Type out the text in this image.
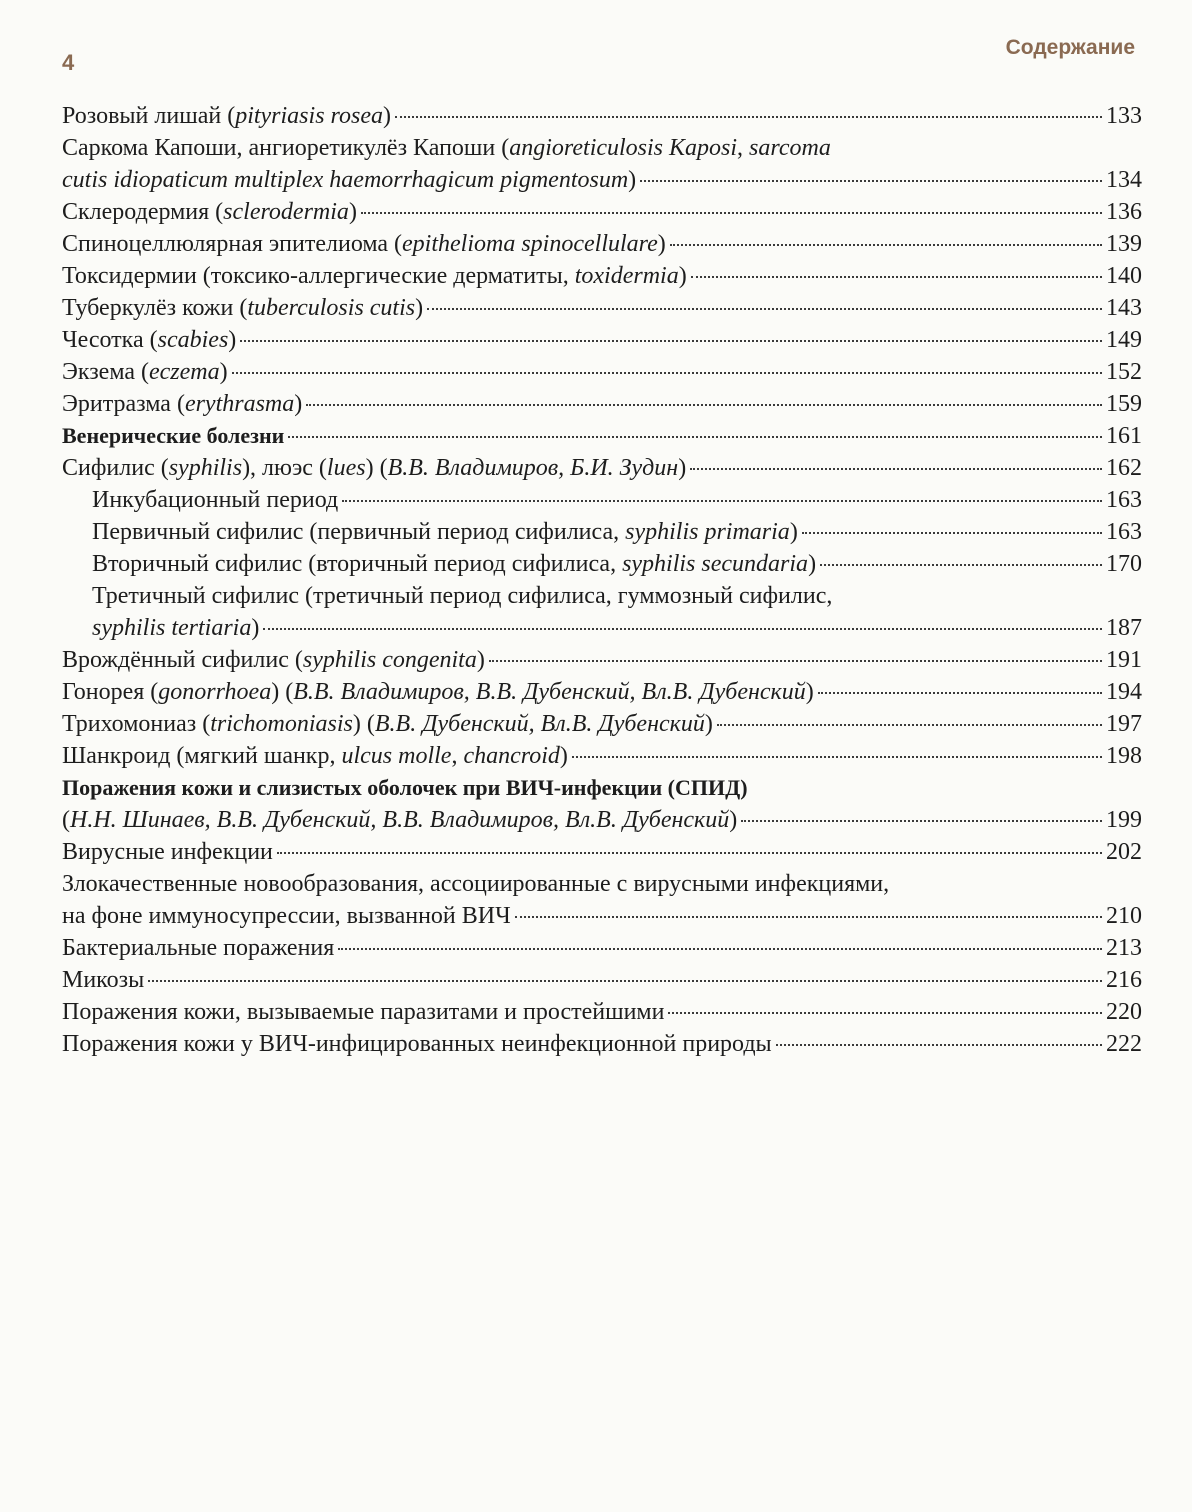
4
Содержание
Розовый лишай (pityriasis rosea)	133
Саркома Капоши, ангиоретикулёз Капоши (angioreticulosis Kaposi, sarcoma
cutis idiopaticum multiplex haemorrhagicum pigmentosum)	134
Склеродермия (sclerodermia)	136
Спиноцеллюлярная эпителиома (epithelioma spinocellulare)	139
Токсидермии (токсико-аллергические дерматиты, toxidermia)	140
Туберкулёз кожи (tuberculosis cutis)	143
Чесотка (scabies)	149
Экзема (eczema)	152
Эритразма (erythrasma)	159
Венерические болезни	161
Сифилис (syphilis), люэс (lues) (В.В. Владимиров, Б.И. Зудин)	162
Инкубационный период	163
Первичный сифилис (первичный период сифилиса, syphilis primaria)	163
Вторичный сифилис (вторичный период сифилиса, syphilis secundaria)	170
Третичный сифилис (третичный период сифилиса, гуммозный сифилис,
syphilis tertiaria)	187
Врождённый сифилис (syphilis congenita)	191
Гонорея (gonorrhoea) (В.В. Владимиров, В.В. Дубенский, Вл.В. Дубенский)	194
Трихомониаз (trichomoniasis) (В.В. Дубенский, Вл.В. Дубенский)	197
Шанкроид (мягкий шанкр, ulcus molle, chancroid)	198
Поражения кожи и слизистых оболочек при ВИЧ-инфекции (СПИД)
(Н.Н. Шинаев, В.В. Дубенский, В.В. Владимиров, Вл.В. Дубенский)	199
Вирусные инфекции	202
Злокачественные новообразования, ассоциированные с вирусными инфекциями,
на фоне иммуносупрессии, вызванной ВИЧ	210
Бактериальные поражения	213
Микозы	216
Поражения кожи, вызываемые паразитами и простейшими	220
Поражения кожи у ВИЧ-инфицированных неинфекционной природы	222
